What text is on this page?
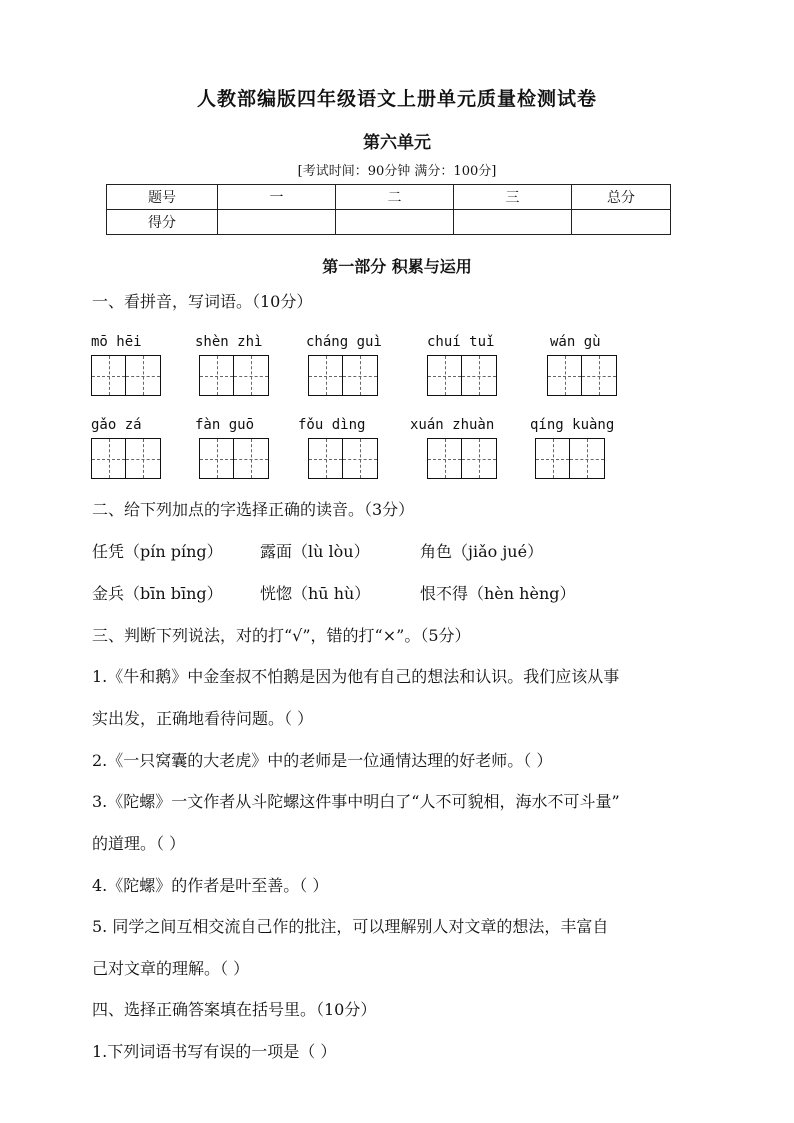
人教部编版四年级语文上册单元质量检测试卷
第六单元
[考试时间：90分钟 满分：100分]
题号	一	二	三	总分
得分				
第一部分 积累与运用
一、看拼音，写词语。（10分）
mō hēi	shèn zhì	cháng guì	chuí tuǐ	wán gù
gǎo zá	fàn guō	fǒu dìng	xuán zhuàn	qíng kuàng
二、给下列加点的字选择正确的读音。（3分）
任凭（pín píng） 露面（lù lòu）	角色（jiǎo jué）
金兵（bīn bīng） 恍惚（hū hù）	恨不得（hèn hèng）
三、判断下列说法，对的打“√”，错的打“×”。（5分）
1.《牛和鹅》中金奎叔不怕鹅是因为他有自己的想法和认识。我们应该从事
实出发，正确地看待问题。（ ）
2.《一只窝囊的大老虎》中的老师是一位通情达理的好老师。（ ）
3.《陀螺》一文作者从斗陀螺这件事中明白了“人不可貌相，海水不可斗量”
的道理。（ ）
4.《陀螺》的作者是叶至善。（ ）
5. 同学之间互相交流自己作的批注，可以理解别人对文章的想法，丰富自
己对文章的理解。（ ）
四、选择正确答案填在括号里。（10分）
1.下列词语书写有误的一项是（ ）
